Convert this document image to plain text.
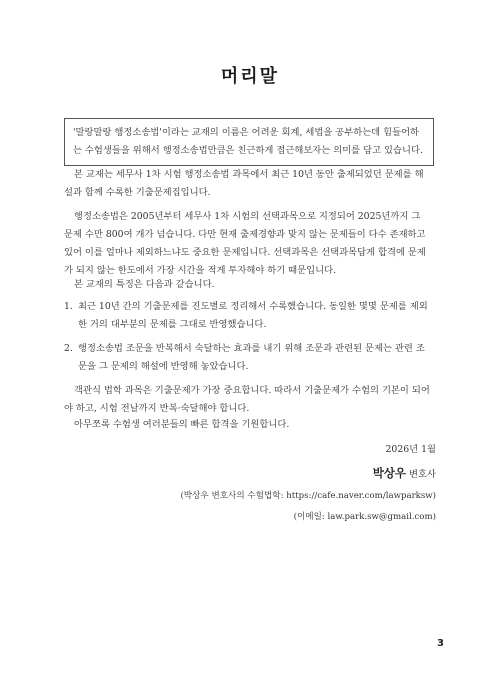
머리말
'말랑말랑 행정소송법'이라는 교재의 이름은 어려운 회계, 세법을 공부하는데 힘들어하는 수험생들을 위해서 행정소송법만큼은 친근하게 접근해보자는 의미를 담고 있습니다.

본 교재는 세무사 1차 시험 행정소송법 과목에서 최근 10년 동안 출제되었던 문제를 해설과 함께 수록한 기출문제집입니다.

행정소송법은 2005년부터 세무사 1차 시험의 선택과목으로 지정되어 2025년까지 그 문제 수만 800여 개가 넘습니다. 다만 현재 출제경향과 맞지 않는 문제들이 다수 존재하고 있어 이를 얼마나 제외하느냐도 중요한 문제입니다. 선택과목은 선택과목답게 합격에 문제가 되지 않는 한도에서 가장 시간을 적게 투자해야 하기 때문입니다.

본 교재의 특징은 다음과 같습니다.

1. 최근 10년 간의 기출문제를 진도별로 정리해서 수록했습니다. 동일한 몇몇 문제를 제외한 거의 대부분의 문제를 그대로 반영했습니다.
2. 행정소송법 조문을 반복해서 숙달하는 효과를 내기 위해 조문과 관련된 문제는 관련 조문을 그 문제의 해설에 반영해 놓았습니다.

객관식 법학 과목은 기출문제가 가장 중요합니다. 따라서 기출문제가 수험의 기본이 되어야 하고, 시험 전날까지 반복·숙달해야 합니다.

아무쪼록 수험생 여러분들의 빠른 합격을 기원합니다.

2026년 1월
박상우 변호사
(박상우 변호사의 수험법학: https://cafe.naver.com/lawparksw)
(이메일: law.park.sw@gmail.com)
3
